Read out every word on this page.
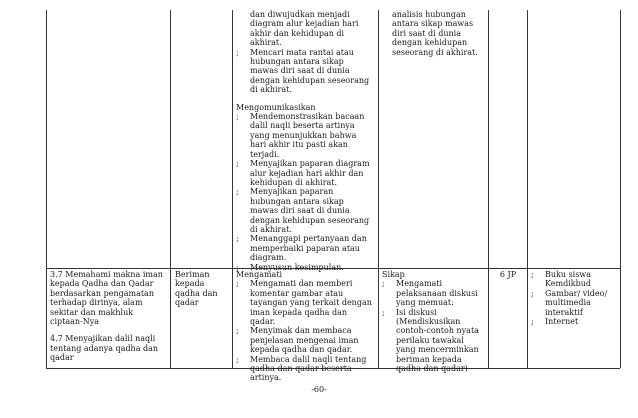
dan diwujudkan menjadi diagram alur kejadian hari akhir dan kehidupan di akhirat.

; Mencari mata rantai atau hubungan antara sikap mawas diri saat di dunia dengan kehidupan seseorang di akhirat.

Mengomunikasikan

; Mendemonstrasikan bacaan dalil naqli beserta artinya yang menunjukkan bahwa hari akhir itu pasti akan terjadi.
; Menyajikan paparan diagram alur kejadian hari akhir dan kehidupan di akhirat.
; Menyajikan paparan hubungan antara sikap mawas diri saat di dunia dengan kehidupan seseorang di akhirat.
; Menanggapi pertanyaan dan memperbaiki paparan atau diagram.
; Menyusun kesimpulan.

analisis hubungan antara sikap mawas diri saat di dunia dengan kehidupan seseorang di akhirat.

3.7 Memahami makna iman kepada Qadha dan Qadar berdasarkan pengamatan terhadap dirinya, alam sekitar dan makhluk ciptaan-Nya

4.7 Menyajikan dalil naqli tentang adanya qadha dan qadar

Beriman kepada qadha dan qadar

Mengamati

; Mengamati dan memberi komentar gambar atau tayangan yang terkait dengan iman kepada qadha dan qadar.
; Menyimak dan membaca penjelasan mengenai iman kepada qadha dan qadar.
; Membaca dalil naqli tentang qadha dan qadar beserta artinya.

Sikap

; Mengamati pelaksanaan diskusi yang memuat:
; Isi diskusi (Mendiskusikan contoh-contoh nyata perilaku tawakal yang mencerminkan beriman kepada qadha dan qadar)

6 JP	; Buku siswa Kemdikbud
; Gambar/ video/ multimedia interaktif
; Internet
-60-
